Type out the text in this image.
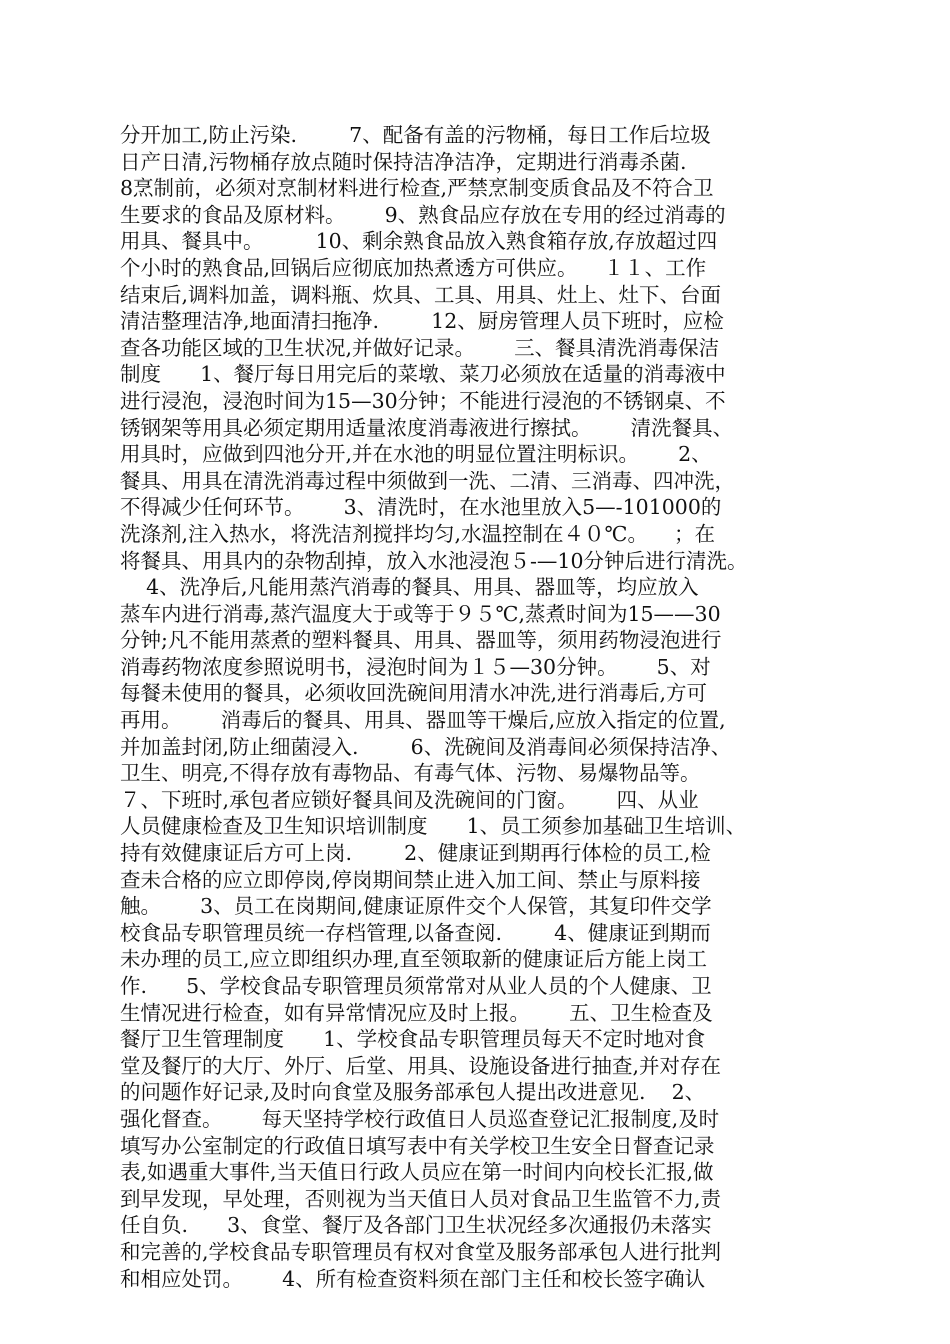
分开加工,防止污染.        7、配备有盖的污物桶，每日工作后垃圾
日产日清,污物桶存放点随时保持洁净洁净，定期进行消毒杀菌.
8烹制前，必须对烹制材料进行检查,严禁烹制变质食品及不符合卫
生要求的食品及原材料。      9、熟食品应存放在专用的经过消毒的
用具、餐具中。        10、剩余熟食品放入熟食箱存放,存放超过四
个小时的熟食品,回锅后应彻底加热煮透方可供应。    １１、工作
结束后,调料加盖，调料瓶、炊具、工具、用具、灶上、灶下、台面
清洁整理洁净,地面清扫拖净.        12、厨房管理人员下班时，应检
查各功能区域的卫生状况,并做好记录。      三、餐具清洗消毒保洁
制度      1、餐厅每日用完后的菜墩、菜刀必须放在适量的消毒液中
进行浸泡，浸泡时间为15—30分钟；不能进行浸泡的不锈钢桌、不
锈钢架等用具必须定期用适量浓度消毒液进行擦拭。      清洗餐具、
用具时，应做到四池分开,并在水池的明显位置注明标识。      2、
餐具、用具在清洗消毒过程中须做到一洗、二清、三消毒、四冲洗，
不得减少任何环节。      3、清洗时，在水池里放入5—-101000的
洗涤剂,注入热水，将洗洁剂搅拌均匀,水温控制在４０℃。    ；在
将餐具、用具内的杂物刮掉，放入水池浸泡５-—10分钟后进行清洗。
4、洗净后,凡能用蒸汽消毒的餐具、用具、器皿等，均应放入
蒸车内进行消毒,蒸汽温度大于或等于９５℃,蒸煮时间为15——30
分钟;凡不能用蒸煮的塑料餐具、用具、器皿等，须用药物浸泡进行
消毒药物浓度参照说明书，浸泡时间为１５—30分钟。      5、对
每餐未使用的餐具，必须收回洗碗间用清水冲洗,进行消毒后,方可
再用。      消毒后的餐具、用具、器皿等干燥后,应放入指定的位置,
并加盖封闭,防止细菌浸入.        6、洗碗间及消毒间必须保持洁净、
卫生、明亮,不得存放有毒物品、有毒气体、污物、易爆物品等。
７、下班时,承包者应锁好餐具间及洗碗间的门窗。      四、从业
人员健康检查及卫生知识培训制度      1、员工须参加基础卫生培训、
持有效健康证后方可上岗.        2、健康证到期再行体检的员工,检
查未合格的应立即停岗,停岗期间禁止进入加工间、禁止与原料接
触。      3、员工在岗期间,健康证原件交个人保管，其复印件交学
校食品专职管理员统一存档管理,以备查阅.        4、健康证到期而
未办理的员工,应立即组织办理,直至领取新的健康证后方能上岗工
作.      5、学校食品专职管理员须常常对从业人员的个人健康、卫
生情况进行检查，如有异常情况应及时上报。      五、卫生检查及
餐厅卫生管理制度      1、学校食品专职管理员每天不定时地对食
堂及餐厅的大厅、外厅、后堂、用具、设施设备进行抽查,并对存在
的问题作好记录,及时向食堂及服务部承包人提出改进意见.    2、
强化督查。      每天坚持学校行政值日人员巡查登记汇报制度,及时
填写办公室制定的行政值日填写表中有关学校卫生安全日督查记录
表,如遇重大事件,当天值日行政人员应在第一时间内向校长汇报,做
到早发现，早处理，否则视为当天值日人员对食品卫生监管不力,责
任自负.      3、食堂、餐厅及各部门卫生状况经多次通报仍未落实
和完善的,学校食品专职管理员有权对食堂及服务部承包人进行批判
和相应处罚。      4、所有检查资料须在部门主任和校长签字确认
